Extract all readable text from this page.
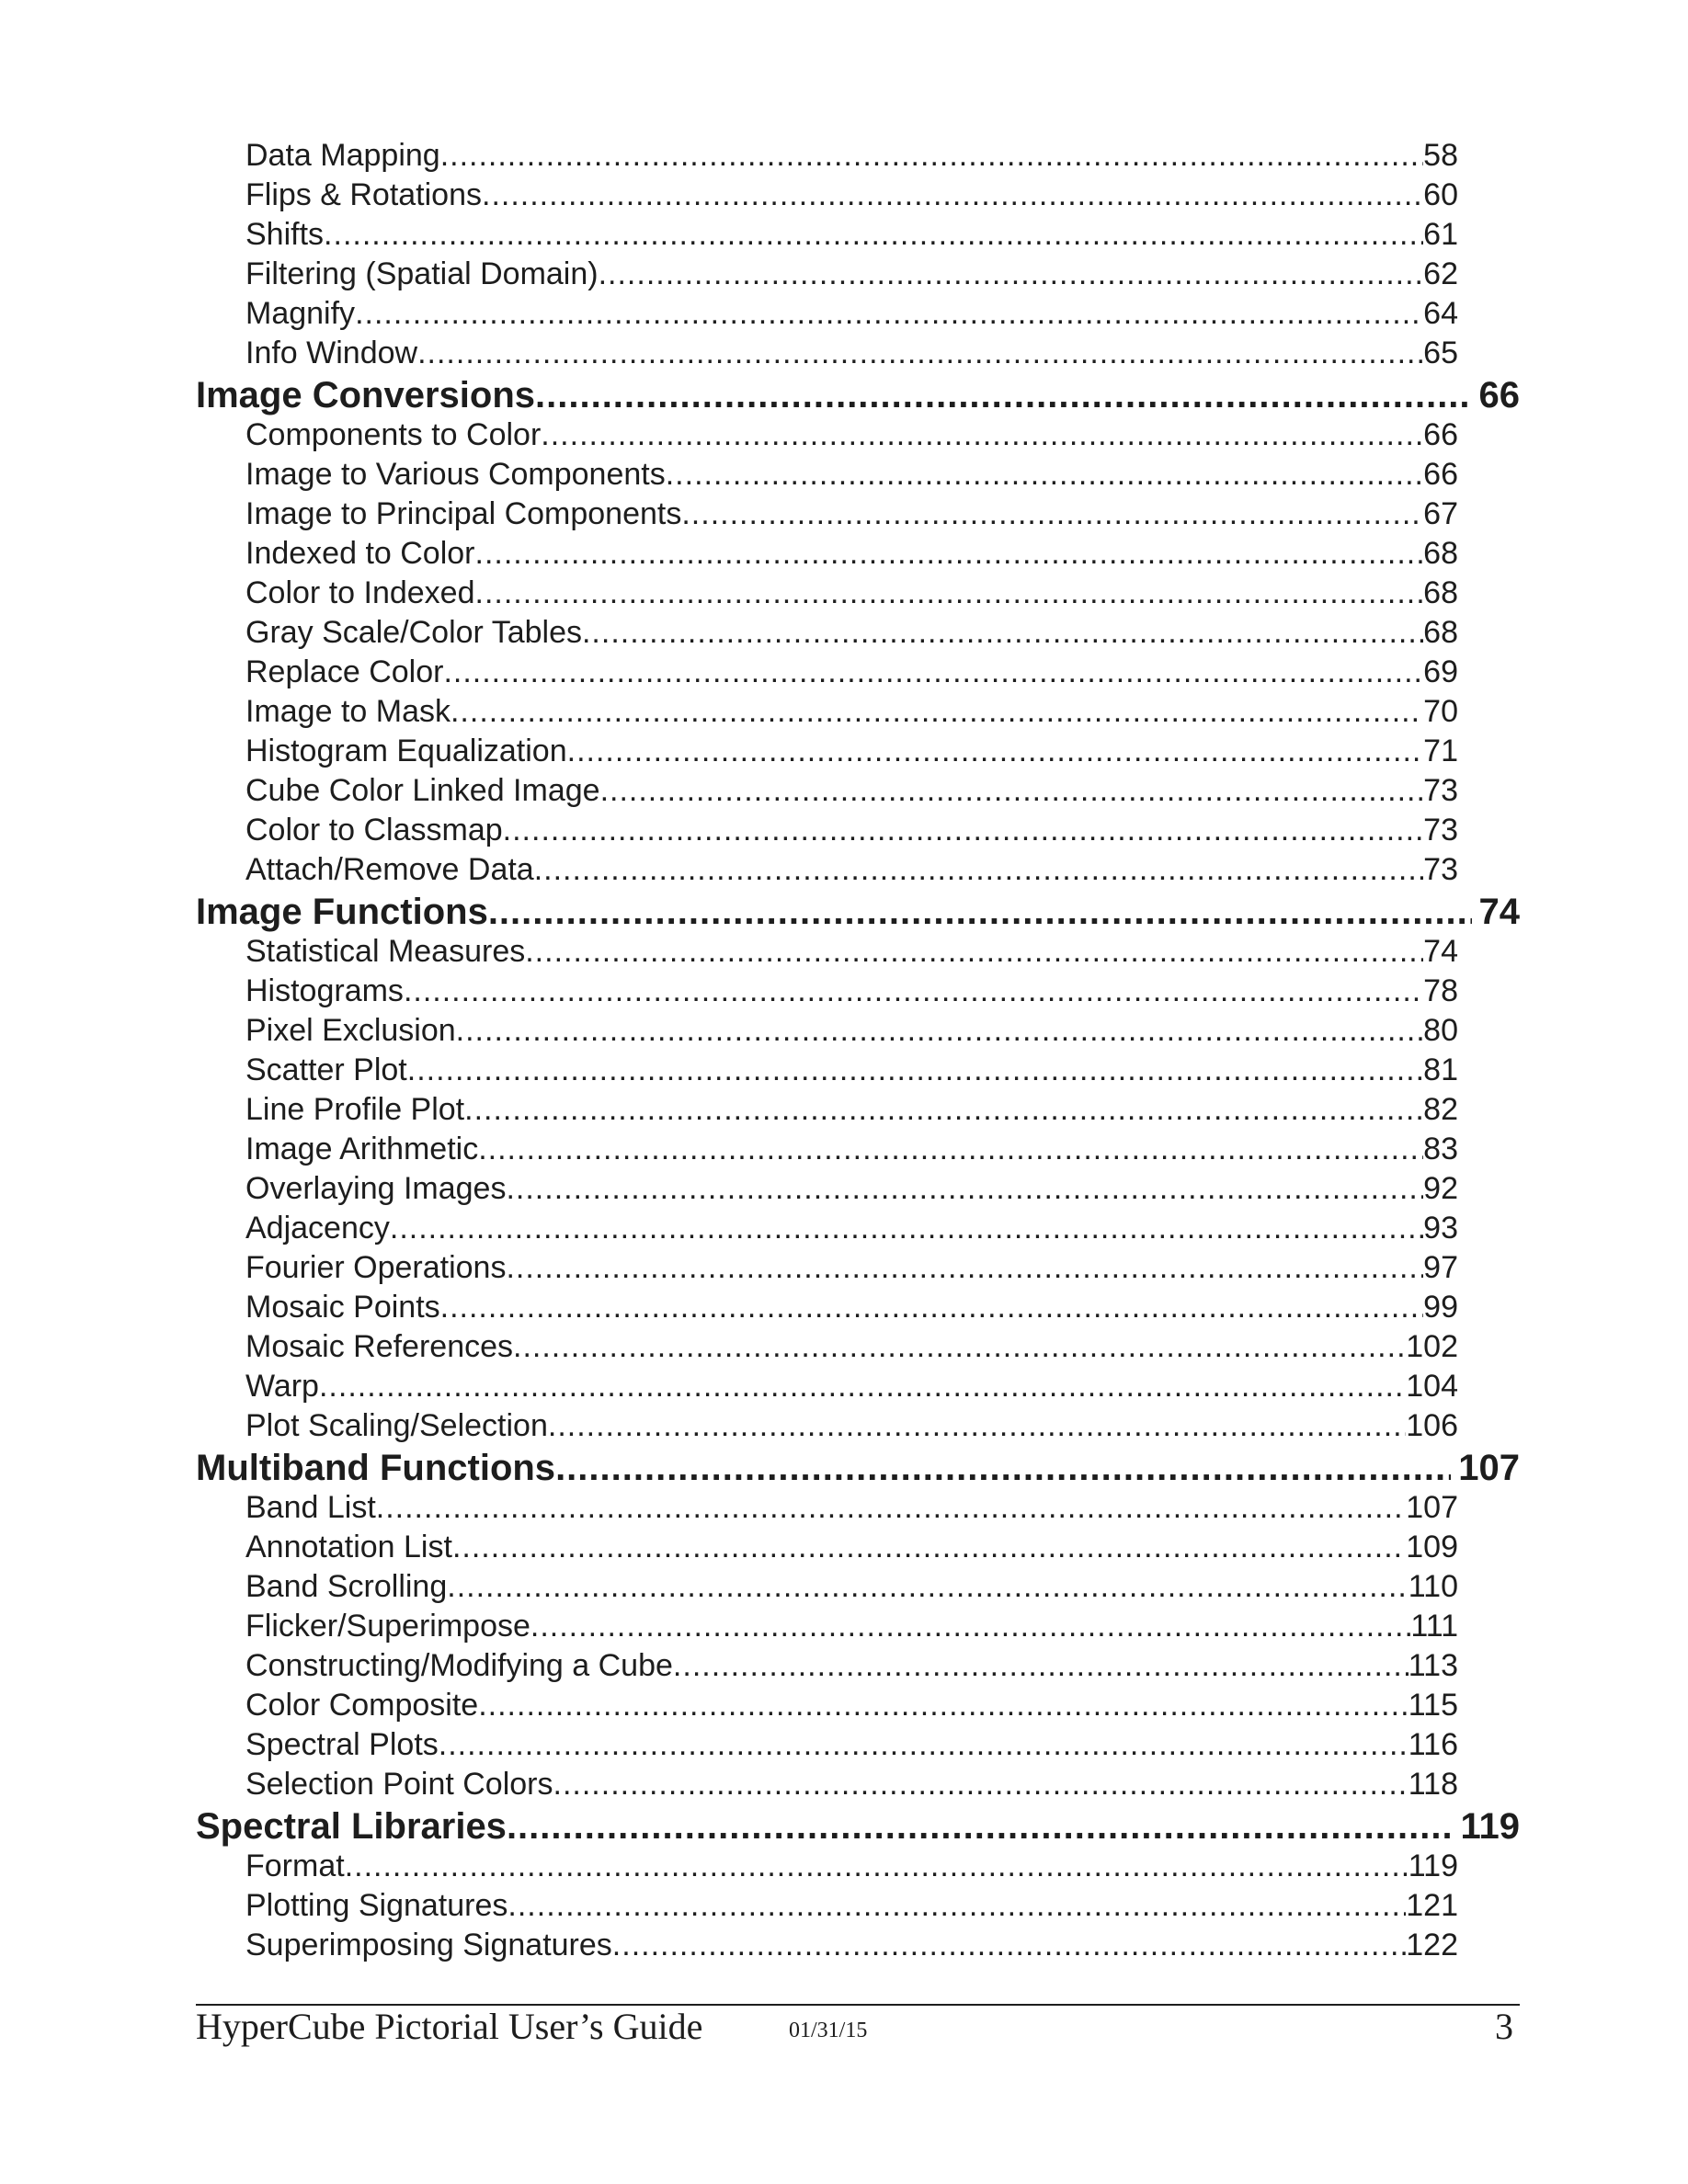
Data Mapping .....	58
Flips & Rotations .....	60
Shifts .....	61
Filtering (Spatial Domain) .....	62
Magnify .....	64
Info Window .....	65
Image Conversions .....	66
Components to Color .....	66
Image to Various Components .....	66
Image to Principal Components .....	67
Indexed to Color .....	68
Color to Indexed .....	68
Gray Scale/Color Tables .....	68
Replace Color .....	69
Image to Mask .....	70
Histogram Equalization .....	71
Cube Color Linked Image .....	73
Color to Classmap .....	73
Attach/Remove Data .....	73
Image Functions .....	74
Statistical Measures .....	74
Histograms .....	78
Pixel Exclusion .....	80
Scatter Plot .....	81
Line Profile Plot .....	82
Image Arithmetic .....	83
Overlaying Images .....	92
Adjacency .....	93
Fourier Operations .....	97
Mosaic Points .....	99
Mosaic References .....	102
Warp .....	104
Plot Scaling/Selection .....	106
Multiband Functions .....	107
Band List .....	107
Annotation List .....	109
Band Scrolling .....	110
Flicker/Superimpose .....	111
Constructing/Modifying a Cube .....	113
Color Composite .....	115
Spectral Plots .....	116
Selection Point Colors .....	118
Spectral Libraries .....	119
Format .....	119
Plotting Signatures .....	121
Superimposing Signatures .....	122
HyperCube Pictorial User’s Guide	01/31/15	3
